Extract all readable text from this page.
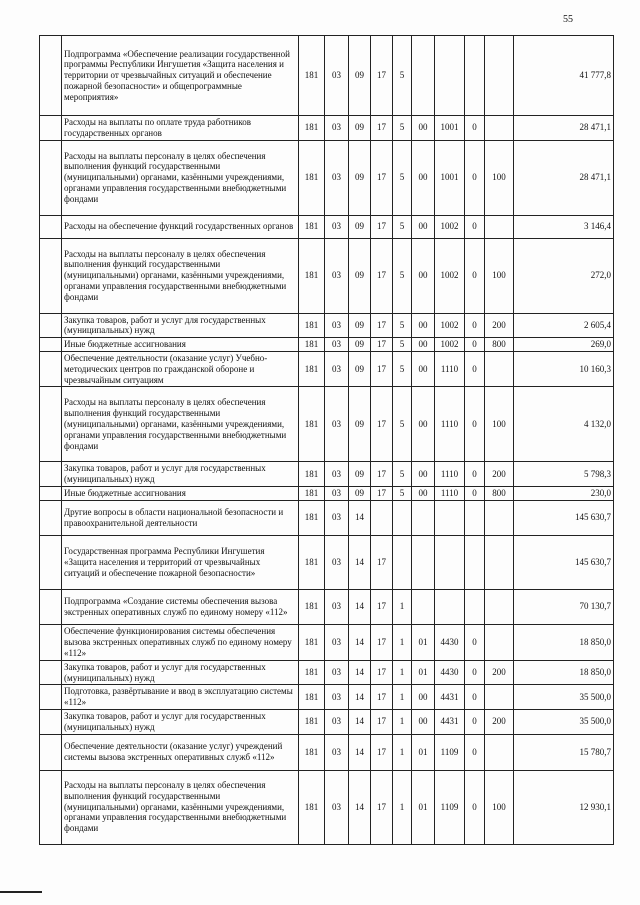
55
	Подпрограмма «Обеспечение реализации государственной программы Республики Ингушетия «Защита населения и территории от чрезвычайных ситуаций и обеспечение пожарной безопасности» и общепрограммные мероприятия»	181	03	09	17	5					41 777,8
	Расходы на выплаты по оплате труда работников государственных органов	181	03	09	17	5	00	1001	0		28 471,1
	Расходы на выплаты персоналу в целях обеспечения выполнения функций государственными (муниципальными) органами, казёнными учреждениями, органами управления государственными внебюджетными фондами	181	03	09	17	5	00	1001	0	100	28 471,1
	Расходы на обеспечение функций государственных органов	181	03	09	17	5	00	1002	0		3 146,4
	Расходы на выплаты персоналу в целях обеспечения выполнения функций государственными (муниципальными) органами, казёнными учреждениями, органами управления государственными внебюджетными фондами	181	03	09	17	5	00	1002	0	100	272,0
	Закупка товаров, работ и услуг для государственных (муниципальных) нужд	181	03	09	17	5	00	1002	0	200	2 605,4
	Иные бюджетные ассигнования	181	03	09	17	5	00	1002	0	800	269,0
	Обеспечение деятельности (оказание услуг) Учебно-методических центров по гражданской обороне и чрезвычайным ситуациям	181	03	09	17	5	00	1110	0		10 160,3
	Расходы на выплаты персоналу в целях обеспечения выполнения функций государственными (муниципальными) органами, казёнными учреждениями, органами управления государственными внебюджетными фондами	181	03	09	17	5	00	1110	0	100	4 132,0
	Закупка товаров, работ и услуг для государственных (муниципальных) нужд	181	03	09	17	5	00	1110	0	200	5 798,3
	Иные бюджетные ассигнования	181	03	09	17	5	00	1110	0	800	230,0
	Другие вопросы в области национальной безопасности и правоохранительной деятельности	181	03	14							145 630,7
	Государственная программа Республики Ингушетия «Защита населения и территорий от чрезвычайных ситуаций и обеспечение пожарной безопасности»	181	03	14	17						145 630,7
	Подпрограмма «Создание системы обеспечения вызова экстренных оперативных служб по единому номеру «112»	181	03	14	17	1					70 130,7
	Обеспечение функционирования системы обеспечения вызова экстренных оперативных служб по единому номеру «112»	181	03	14	17	1	01	4430	0		18 850,0
	Закупка товаров, работ и услуг для государственных (муниципальных) нужд	181	03	14	17	1	01	4430	0	200	18 850,0
	Подготовка, развёртывание и ввод в эксплуатацию системы «112»	181	03	14	17	1	00	4431	0		35 500,0
	Закупка товаров, работ и услуг для государственных (муниципальных) нужд	181	03	14	17	1	00	4431	0	200	35 500,0
	Обеспечение деятельности (оказание услуг) учреждений системы вызова экстренных оперативных служб «112»	181	03	14	17	1	01	1109	0		15 780,7
	Расходы на выплаты персоналу в целях обеспечения выполнения функций государственными (муниципальными) органами, казёнными учреждениями, органами управления государственными внебюджетными фондами	181	03	14	17	1	01	1109	0	100	12 930,1
